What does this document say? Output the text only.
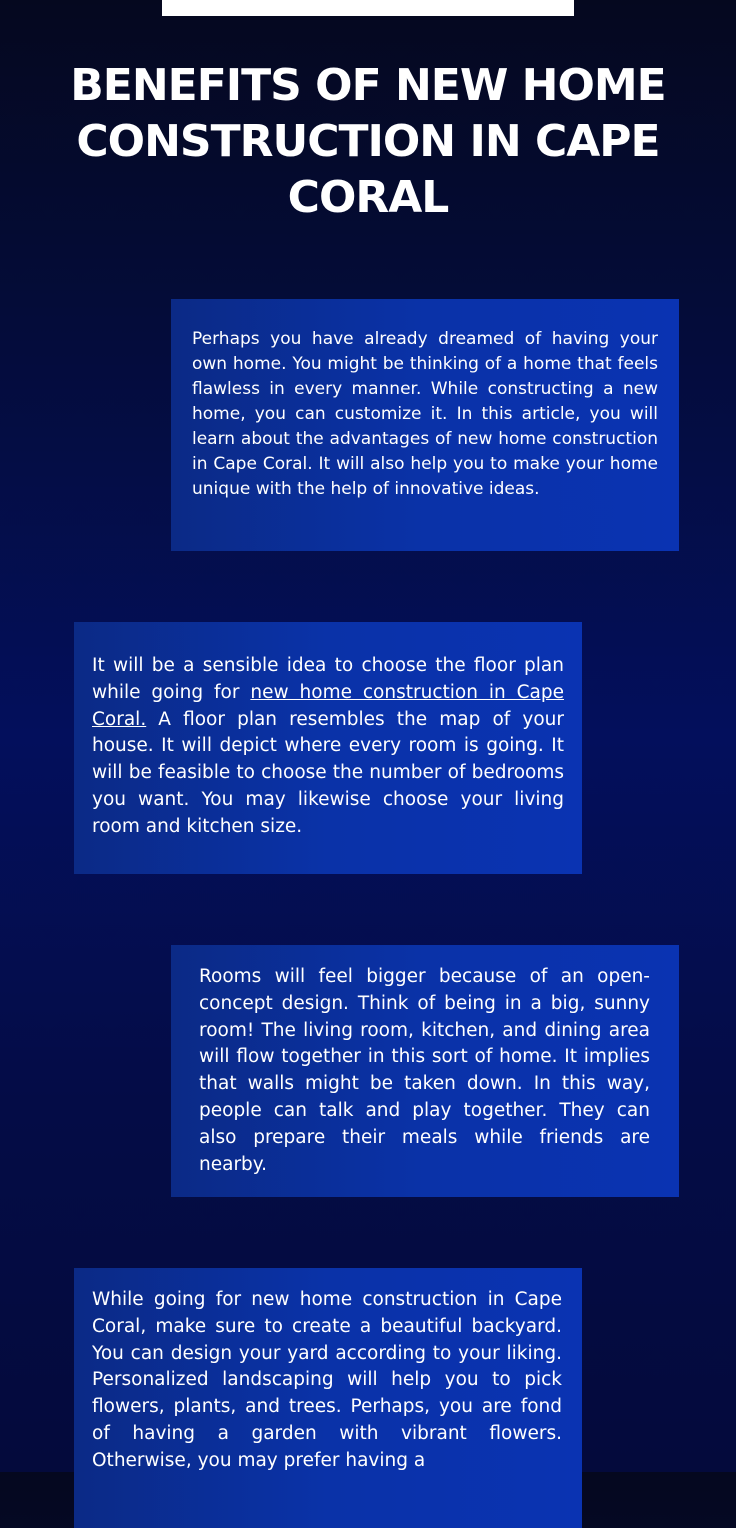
BENEFITS OF NEW HOME CONSTRUCTION IN CAPE CORAL

Perhaps you have already dreamed of having your own home. You might be thinking of a home that feels flawless in every manner. While constructing a new home, you can customize it. In this article, you will learn about the advantages of new home construction in Cape Coral. It will also help you to make your home unique with the help of innovative ideas.

It will be a sensible idea to choose the floor plan while going for new home construction in Cape Coral. A floor plan resembles the map of your house. It will depict where every room is going. It will be feasible to choose the number of bedrooms you want. You may likewise choose your living room and kitchen size.

Rooms will feel bigger because of an open-concept design. Think of being in a big, sunny room! The living room, kitchen, and dining area will flow together in this sort of home. It implies that walls might be taken down. In this way, people can talk and play together. They can also prepare their meals while friends are nearby.

While going for new home construction in Cape Coral, make sure to create a beautiful backyard. You can design your yard according to your liking. Personalized landscaping will help you to pick flowers, plants, and trees. Perhaps, you are fond of having a garden with vibrant flowers. Otherwise, you may prefer having a
